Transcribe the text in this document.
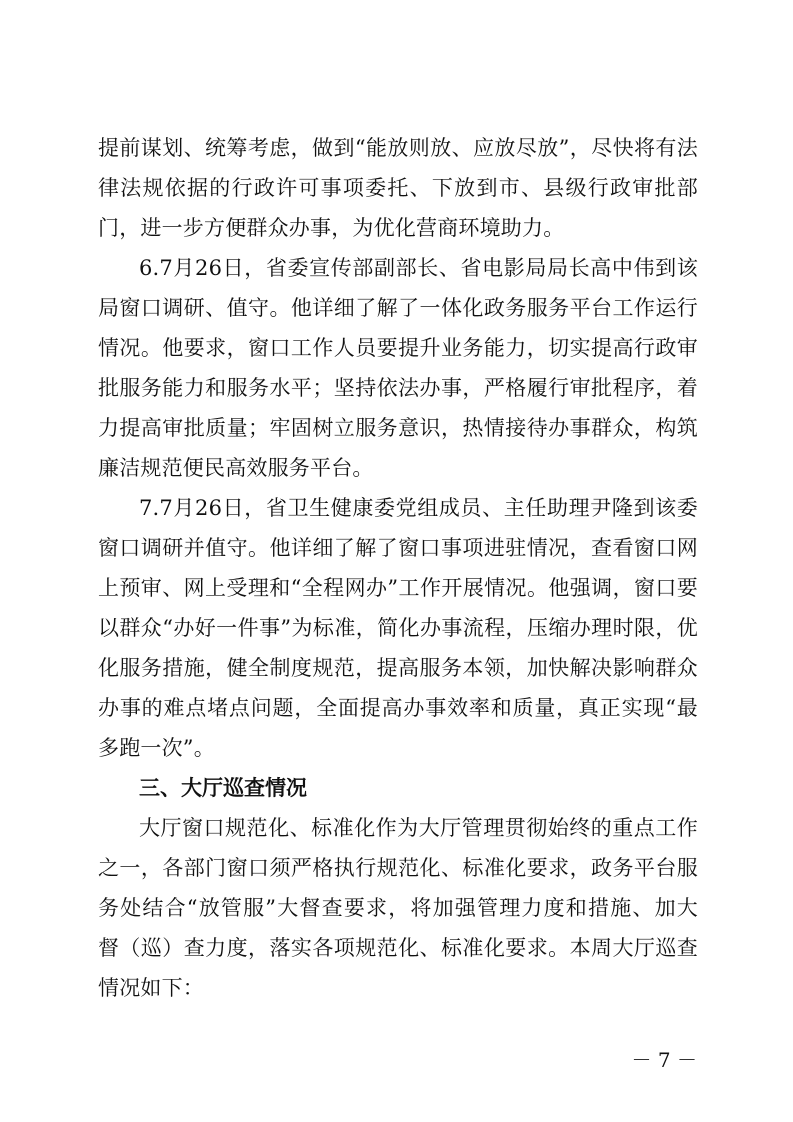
提前谋划、统筹考虑，做到“能放则放、应放尽放”，尽快将有法
律法规依据的行政许可事项委托、下放到市、县级行政审批部
门，进一步方便群众办事，为优化营商环境助力。
6.7月26日，省委宣传部副部长、省电影局局长高中伟到该
局窗口调研、值守。他详细了解了一体化政务服务平台工作运行
情况。他要求，窗口工作人员要提升业务能力，切实提高行政审
批服务能力和服务水平；坚持依法办事，严格履行审批程序，着
力提高审批质量；牢固树立服务意识，热情接待办事群众，构筑
廉洁规范便民高效服务平台。
7.7月26日，省卫生健康委党组成员、主任助理尹隆到该委
窗口调研并值守。他详细了解了窗口事项进驻情况，查看窗口网
上预审、网上受理和“全程网办”工作开展情况。他强调，窗口要
以群众“办好一件事”为标准，简化办事流程，压缩办理时限，优
化服务措施，健全制度规范，提高服务本领，加快解决影响群众
办事的难点堵点问题，全面提高办事效率和质量，真正实现“最
多跑一次”。
三、大厅巡查情况
大厅窗口规范化、标准化作为大厅管理贯彻始终的重点工作
之一，各部门窗口须严格执行规范化、标准化要求，政务平台服
务处结合“放管服”大督查要求，将加强管理力度和措施、加大
督（巡）查力度，落实各项规范化、标准化要求。本周大厅巡查
情况如下：
－ 7 －
